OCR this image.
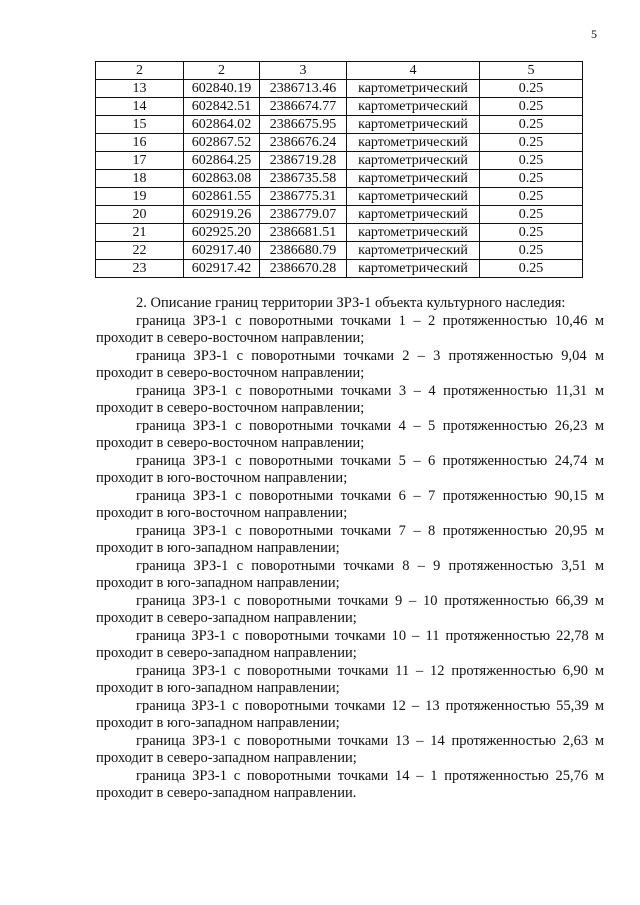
5
2	2	3	4	5
13	602840.19	2386713.46	картометрический	0.25
14	602842.51	2386674.77	картометрический	0.25
15	602864.02	2386675.95	картометрический	0.25
16	602867.52	2386676.24	картометрический	0.25
17	602864.25	2386719.28	картометрический	0.25
18	602863.08	2386735.58	картометрический	0.25
19	602861.55	2386775.31	картометрический	0.25
20	602919.26	2386779.07	картометрический	0.25
21	602925.20	2386681.51	картометрический	0.25
22	602917.40	2386680.79	картометрический	0.25
23	602917.42	2386670.28	картометрический	0.25

2. Описание границ территории ЗРЗ-1 объекта культурного наследия:

граница ЗРЗ-1 с поворотными точками 1 – 2 протяженностью 10,46 м
проходит в северо-восточном направлении;
граница ЗРЗ-1 с поворотными точками 2 – 3 протяженностью 9,04 м
проходит в северо-восточном направлении;
граница ЗРЗ-1 с поворотными точками 3 – 4 протяженностью 11,31 м
проходит в северо-восточном направлении;
граница ЗРЗ-1 с поворотными точками 4 – 5 протяженностью 26,23 м
проходит в северо-восточном направлении;
граница ЗРЗ-1 с поворотными точками 5 – 6 протяженностью 24,74 м
проходит в юго-восточном направлении;
граница ЗРЗ-1 с поворотными точками 6 – 7 протяженностью 90,15 м
проходит в юго-восточном направлении;
граница ЗРЗ-1 с поворотными точками 7 – 8 протяженностью 20,95 м
проходит в юго-западном направлении;
граница ЗРЗ-1 с поворотными точками 8 – 9 протяженностью 3,51 м
проходит в юго-западном направлении;
граница ЗРЗ-1 с поворотными точками 9 – 10 протяженностью 66,39 м
проходит в северо-западном направлении;
граница ЗРЗ-1 с поворотными точками 10 – 11 протяженностью 22,78 м
проходит в северо-западном направлении;
граница ЗРЗ-1 с поворотными точками 11 – 12 протяженностью 6,90 м
проходит в юго-западном направлении;
граница ЗРЗ-1 с поворотными точками 12 – 13 протяженностью 55,39 м
проходит в юго-западном направлении;
граница ЗРЗ-1 с поворотными точками 13 – 14 протяженностью 2,63 м
проходит в северо-западном направлении;
граница ЗРЗ-1 с поворотными точками 14 – 1 протяженностью 25,76 м
проходит в северо-западном направлении.
